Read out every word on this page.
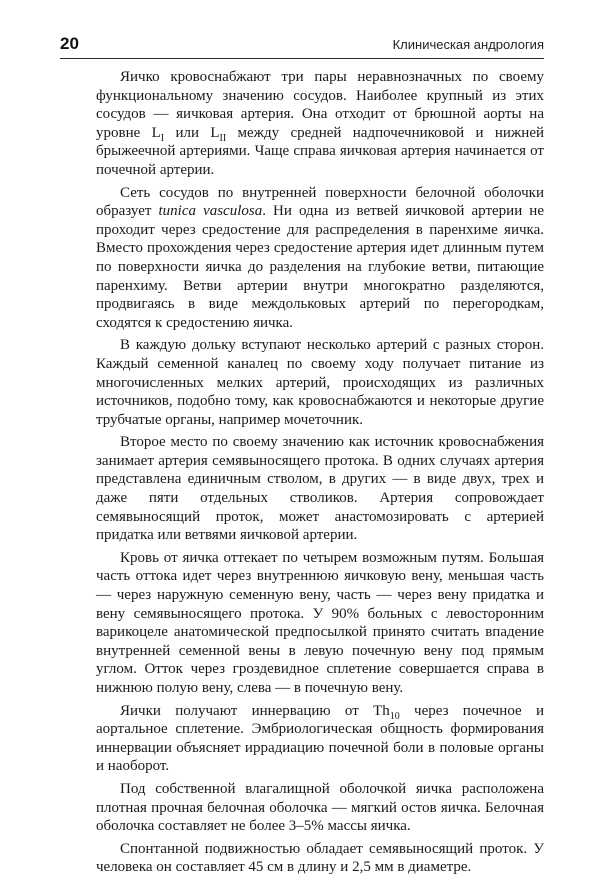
20	Клиническая андрология

Яичко кровоснабжают три пары неравнозначных по своему функциональному значению сосудов. Наиболее крупный из этих сосудов — яичковая артерия. Она отходит от брюшной аорты на уровне $L_I$ или $L_{II}$ между средней надпочечниковой и нижней брыжеечной артериями. Чаще справа яичковая артерия начинается от почечной артерии.

Сеть сосудов по внутренней поверхности белочной оболочки образует tunica vasculosa. Ни одна из ветвей яичковой артерии не проходит через средостение для распределения в паренхиме яичка. Вместо прохождения через средостение артерия идет длинным путем по поверхности яичка до разделения на глубокие ветви, питающие паренхиму. Ветви артерии внутри многократно разделяются, продвигаясь в виде междольковых артерий по перегородкам, сходятся к средостению яичка.

В каждую дольку вступают несколько артерий с разных сторон. Каждый семенной каналец по своему ходу получает питание из многочисленных мелких артерий, происходящих из различных источников, подобно тому, как кровоснабжаются и некоторые другие трубчатые органы, например мочеточник.

Второе место по своему значению как источник кровоснабжения занимает артерия семявыносящего протока. В одних случаях артерия представлена единичным стволом, в других — в виде двух, трех и даже пяти отдельных стволиков. Артерия сопровождает семявыносящий проток, может анастомозировать с артерией придатка или ветвями яичковой артерии.

Кровь от яичка оттекает по четырем возможным путям. Большая часть оттока идет через внутреннюю яичковую вену, меньшая часть — через наружную семенную вену, часть — через вену придатка и вену семявыносящего протока. У 90% больных с левосторонним варикоцеле анатомической предпосылкой принято считать впадение внутренней семенной вены в левую почечную вену под прямым углом. Отток через гроздевидное сплетение совершается справа в нижнюю полую вену, слева — в почечную вену.

Яички получают иннервацию от $Th_{10}$ через почечное и аортальное сплетение. Эмбриологическая общность формирования иннервации объясняет иррадиацию почечной боли в половые органы и наоборот.

Под собственной влагалищной оболочкой яичка расположена плотная прочная белочная оболочка — мягкий остов яичка. Белочная оболочка составляет не более 3–5% массы яичка.

Спонтанной подвижностью обладает семявыносящий проток. У человека он составляет 45 см в длину и 2,5 мм в диаметре.
